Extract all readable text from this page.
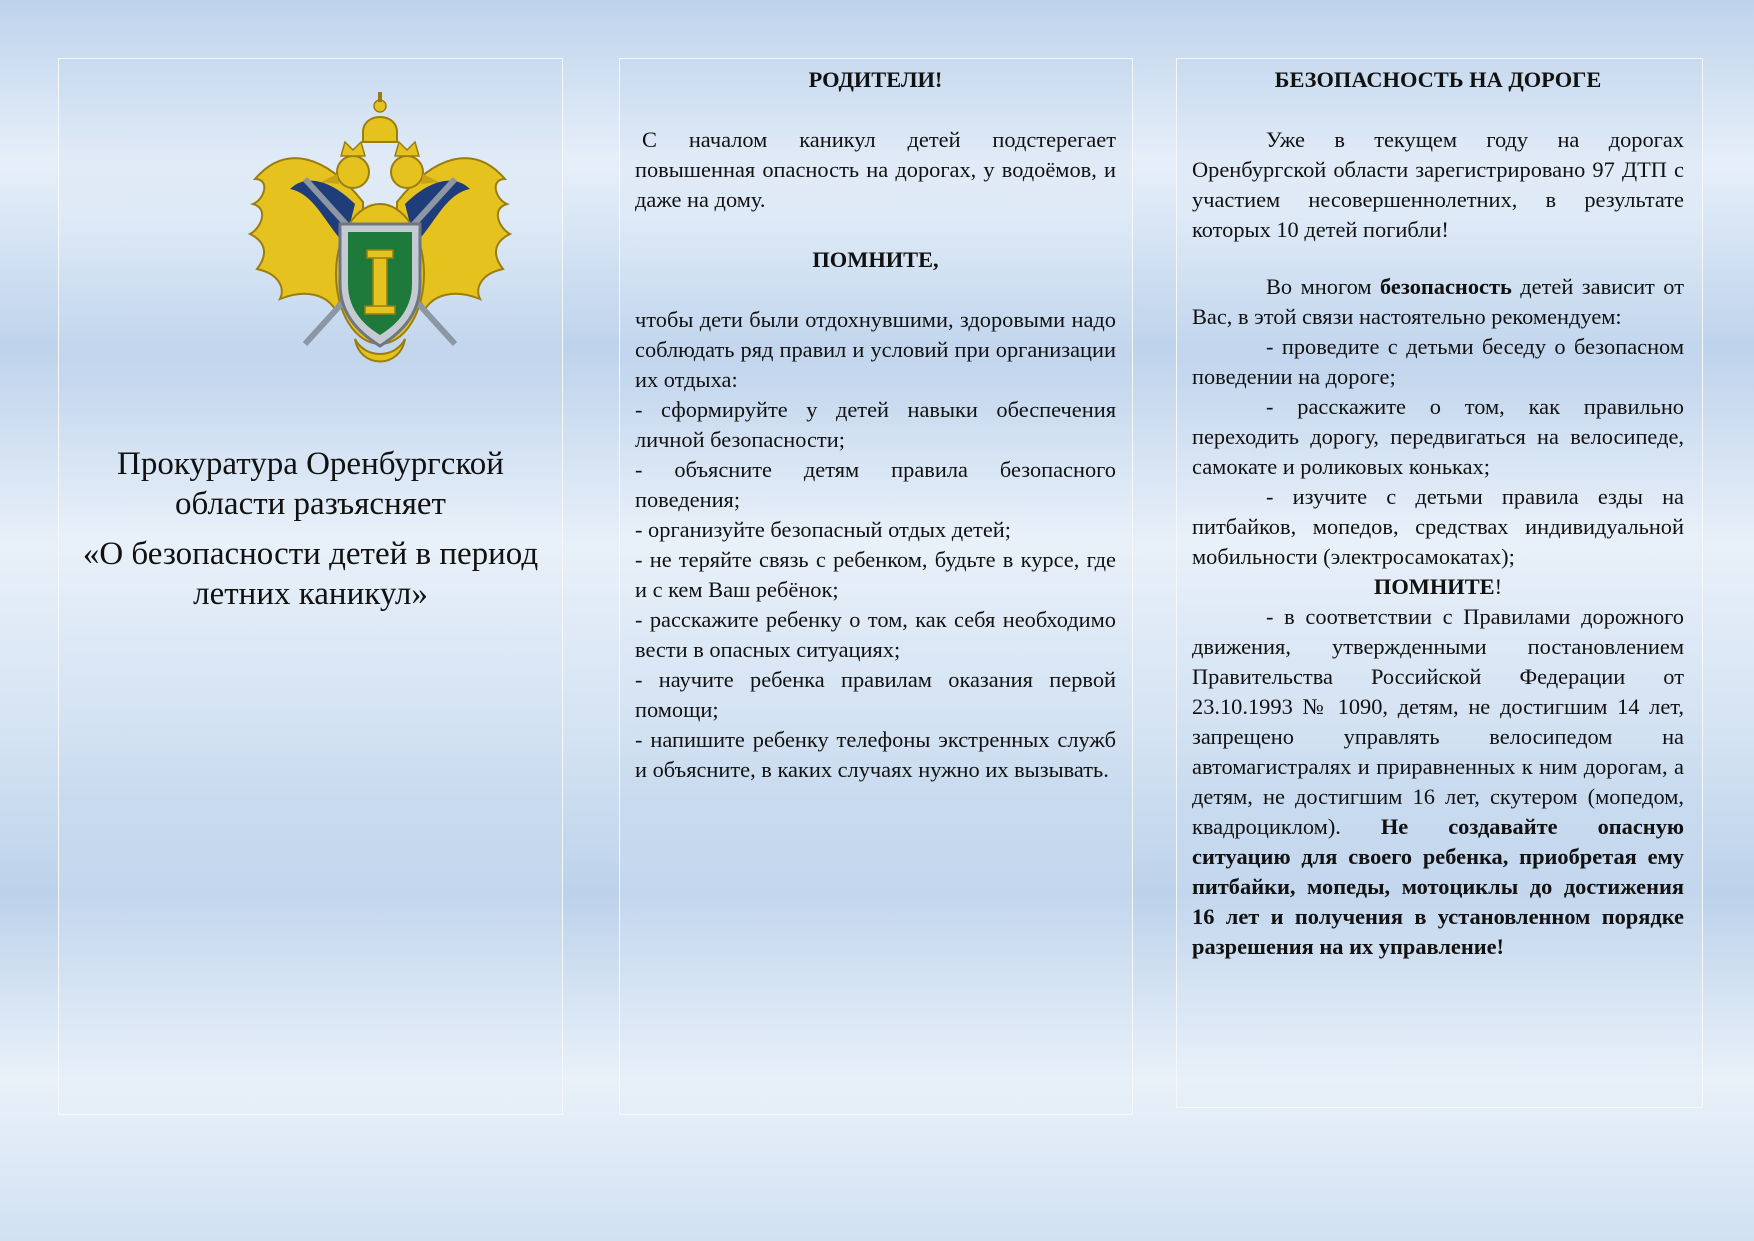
Прокуратура Оренбургской области разъясняет

«О безопасности детей в период летних каникул»

РОДИТЕЛИ!

С началом каникул детей подстерегает повышенная опасность на дорогах, у водоёмов, и даже на дому.

ПОМНИТЕ,

чтобы дети были отдохнувшими, здоровыми надо соблюдать ряд правил и условий при организации их отдыха:

- сформируйте у детей навыки обеспечения личной безопасности;

- объясните детям правила безопасного поведения;

- организуйте безопасный отдых детей;

- не теряйте связь с ребенком, будьте в курсе, где и с кем Ваш ребёнок;

- расскажите ребенку о том, как себя необходимо вести в опасных ситуациях;

- научите ребенка правилам оказания первой помощи;

- напишите ребенку телефоны экстренных служб и объясните, в каких случаях нужно их вызывать.

БЕЗОПАСНОСТЬ НА ДОРОГЕ

Уже в текущем году на дорогах Оренбургской области зарегистрировано 97 ДТП с участием несовершеннолетних, в результате которых 10 детей погибли!

Во многом безопасность детей зависит от Вас, в этой связи настоятельно рекомендуем:

- проведите с детьми беседу о безопасном поведении на дороге;

- расскажите о том, как правильно переходить дорогу, передвигаться на велосипеде, самокате и роликовых коньках;

- изучите с детьми правила езды на питбайков, мопедов, средствах индивидуальной мобильности (электросамокатах);

ПОМНИТЕ!

- в соответствии с Правилами дорожного движения, утвержденными постановлением Правительства Российской Федерации от 23.10.1993 № 1090, детям, не достигшим 14 лет, запрещено управлять велосипедом на автомагистралях и приравненных к ним дорогам, а детям, не достигшим 16 лет, скутером (мопедом, квадроциклом). Не создавайте опасную ситуацию для своего ребенка, приобретая ему питбайки, мопеды, мотоциклы до достижения 16 лет и получения в установленном порядке разрешения на их управление!
